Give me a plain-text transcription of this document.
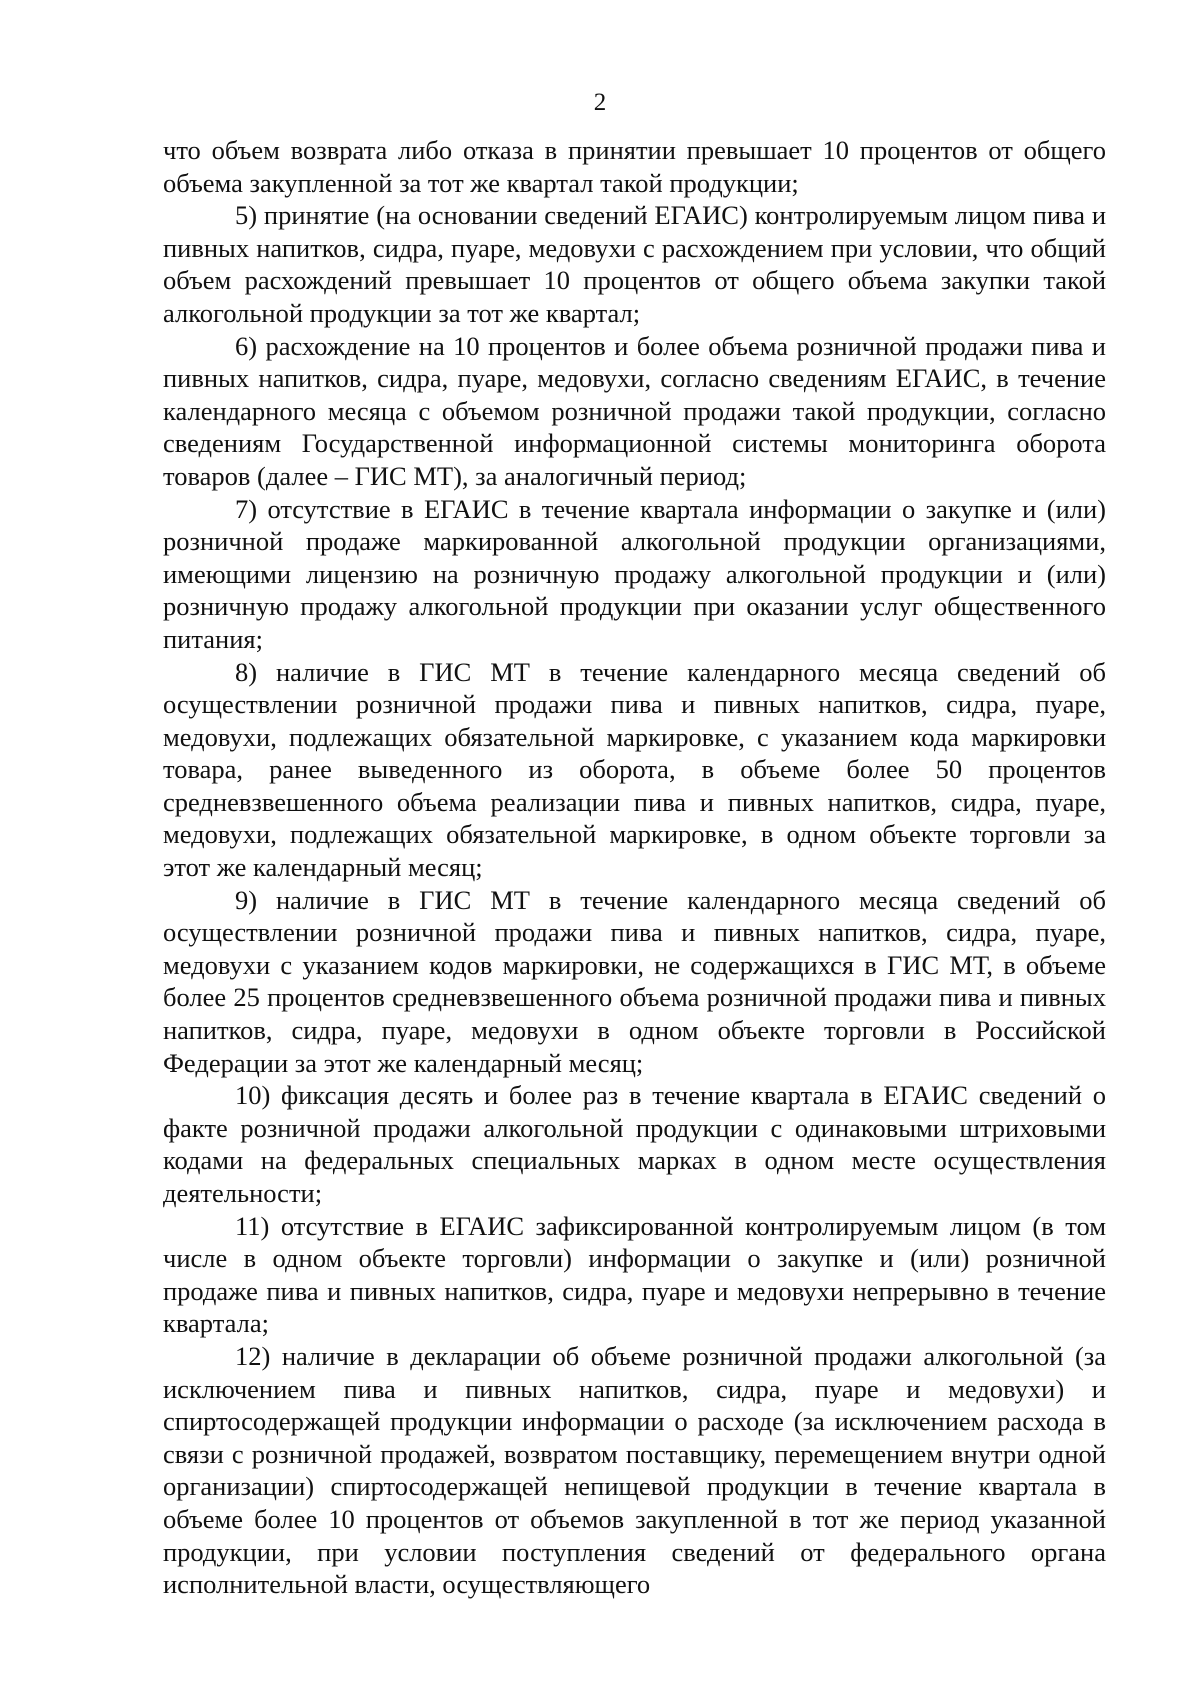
2

что объем возврата либо отказа в принятии превышает 10 процентов от общего объема закупленной за тот же квартал такой продукции;

5) принятие (на основании сведений ЕГАИС) контролируемым лицом пива и пивных напитков, сидра, пуаре, медовухи с расхождением при условии, что общий объем расхождений превышает 10 процентов от общего объема закупки такой алкогольной продукции за тот же квартал;

6) расхождение на 10 процентов и более объема розничной продажи пива и пивных напитков, сидра, пуаре, медовухи, согласно сведениям ЕГАИС, в течение календарного месяца с объемом розничной продажи такой продукции, согласно сведениям Государственной информационной системы мониторинга оборота товаров (далее – ГИС МТ), за аналогичный период;

7) отсутствие в ЕГАИС в течение квартала информации о закупке и (или) розничной продаже маркированной алкогольной продукции организациями, имеющими лицензию на розничную продажу алкогольной продукции и (или) розничную продажу алкогольной продукции при оказании услуг общественного питания;

8) наличие в ГИС МТ в течение календарного месяца сведений об осуществлении розничной продажи пива и пивных напитков, сидра, пуаре, медовухи, подлежащих обязательной маркировке, с указанием кода маркировки товара, ранее выведенного из оборота, в объеме более 50 процентов средневзвешенного объема реализации пива и пивных напитков, сидра, пуаре, медовухи, подлежащих обязательной маркировке, в одном объекте торговли за этот же календарный месяц;

9) наличие в ГИС МТ в течение календарного месяца сведений об осуществлении розничной продажи пива и пивных напитков, сидра, пуаре, медовухи с указанием кодов маркировки, не содержащихся в ГИС МТ, в объеме более 25 процентов средневзвешенного объема розничной продажи пива и пивных напитков, сидра, пуаре, медовухи в одном объекте торговли в Российской Федерации за этот же календарный месяц;

10) фиксация десять и более раз в течение квартала в ЕГАИС сведений о факте розничной продажи алкогольной продукции с одинаковыми штриховыми кодами на федеральных специальных марках в одном месте осуществления деятельности;

11) отсутствие в ЕГАИС зафиксированной контролируемым лицом (в том числе в одном объекте торговли) информации о закупке и (или) розничной продаже пива и пивных напитков, сидра, пуаре и медовухи непрерывно в течение квартала;

12) наличие в декларации об объеме розничной продажи алкогольной (за исключением пива и пивных напитков, сидра, пуаре и медовухи) и спиртосодержащей продукции информации о расходе (за исключением расхода в связи с розничной продажей, возвратом поставщику, перемещением внутри одной организации) спиртосодержащей непищевой продукции в течение квартала в объеме более 10 процентов от объемов закупленной в тот же период указанной продукции, при условии поступления сведений от федерального органа исполнительной власти, осуществляющего
